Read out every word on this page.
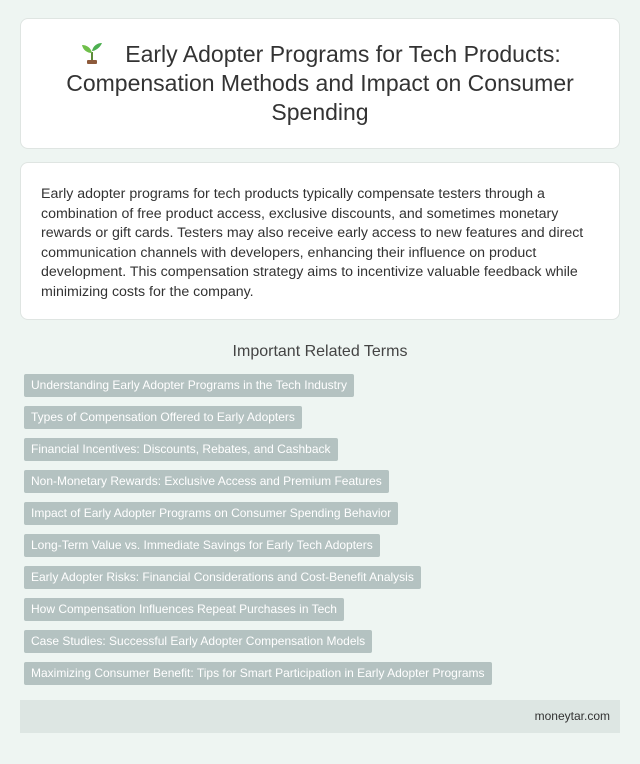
Early Adopter Programs for Tech Products: Compensation Methods and Impact on Consumer Spending

Early adopter programs for tech products typically compensate testers through a combination of free product access, exclusive discounts, and sometimes monetary rewards or gift cards. Testers may also receive early access to new features and direct communication channels with developers, enhancing their influence on product development. This compensation strategy aims to incentivize valuable feedback while minimizing costs for the company.

Important Related Terms
Understanding Early Adopter Programs in the Tech Industry
Types of Compensation Offered to Early Adopters
Financial Incentives: Discounts, Rebates, and Cashback
Non-Monetary Rewards: Exclusive Access and Premium Features
Impact of Early Adopter Programs on Consumer Spending Behavior
Long-Term Value vs. Immediate Savings for Early Tech Adopters
Early Adopter Risks: Financial Considerations and Cost-Benefit Analysis
How Compensation Influences Repeat Purchases in Tech
Case Studies: Successful Early Adopter Compensation Models
Maximizing Consumer Benefit: Tips for Smart Participation in Early Adopter Programs
moneytar.com
